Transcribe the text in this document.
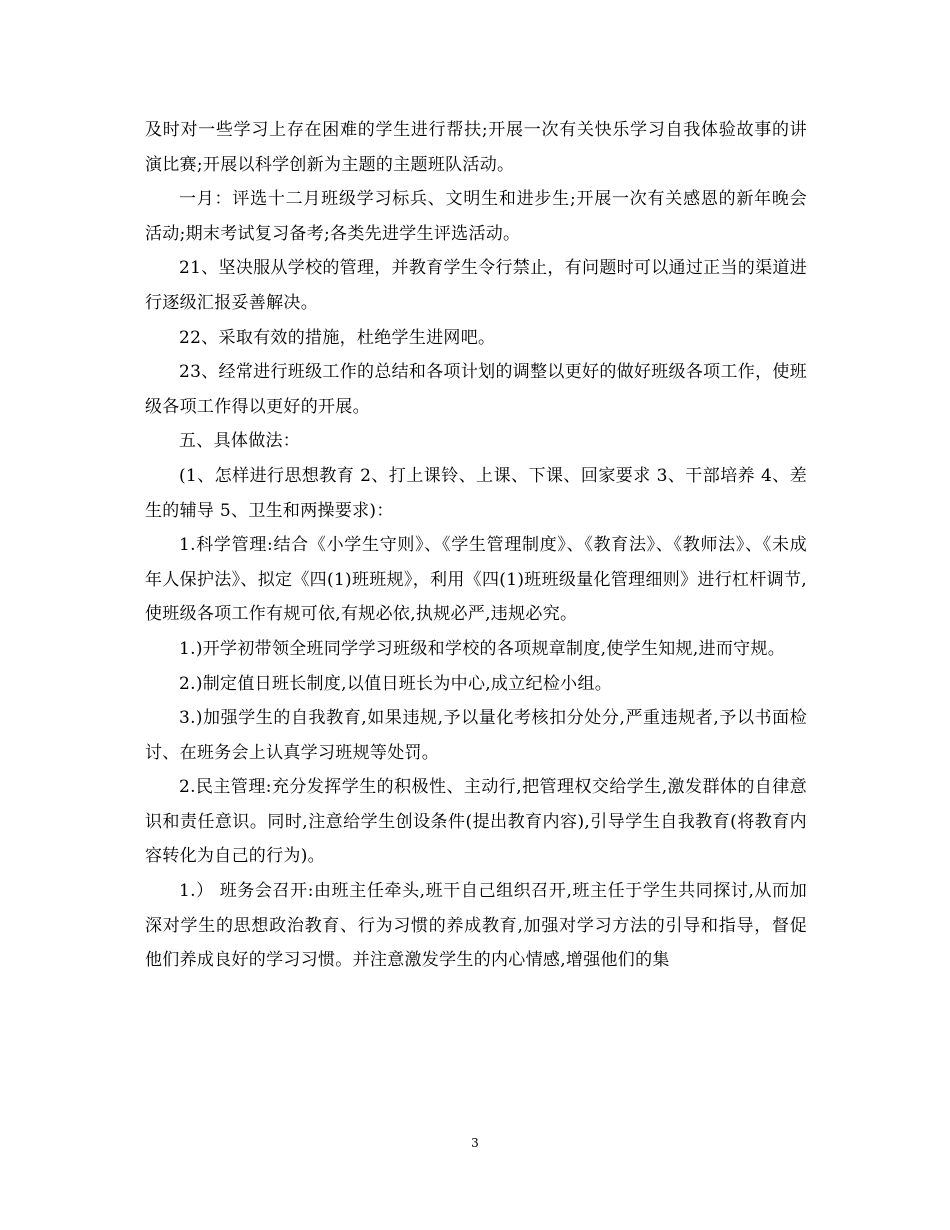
及时对一些学习上存在困难的学生进行帮扶;开展一次有关快乐学习自我体验故事的讲演比赛;开展以科学创新为主题的主题班队活动。

一月：评选十二月班级学习标兵、文明生和进步生;开展一次有关感恩的新年晚会活动;期末考试复习备考;各类先进学生评选活动。

21、坚决服从学校的管理，并教育学生令行禁止，有问题时可以通过正当的渠道进行逐级汇报妥善解决。

22、采取有效的措施，杜绝学生进网吧。

23、经常进行班级工作的总结和各项计划的调整以更好的做好班级各项工作，使班级各项工作得以更好的开展。

五、具体做法：

(1、怎样进行思想教育 2、打上课铃、上课、下课、回家要求 3、干部培养 4、差生的辅导 5、卫生和两操要求)：

1.科学管理:结合《小学生守则》、《学生管理制度》、《教育法》、《教师法》、《未成年人保护法》、拟定《四(1)班班规》，利用《四(1)班班级量化管理细则》进行杠杆调节,使班级各项工作有规可依,有规必依,执规必严,违规必究。

1.)开学初带领全班同学学习班级和学校的各项规章制度,使学生知规,进而守规。

2.)制定值日班长制度,以值日班长为中心,成立纪检小组。

3.)加强学生的自我教育,如果违规,予以量化考核扣分处分,严重违规者,予以书面检讨、在班务会上认真学习班规等处罚。

2.民主管理:充分发挥学生的积极性、主动行,把管理权交给学生,激发群体的自律意识和责任意识。同时,注意给学生创设条件(提出教育内容),引导学生自我教育(将教育内容转化为自己的行为)。

1.） 班务会召开:由班主任牵头,班干自己组织召开,班主任于学生共同探讨,从而加深对学生的思想政治教育、行为习惯的养成教育,加强对学习方法的引导和指导，督促他们养成良好的学习习惯。并注意激发学生的内心情感,增强他们的集

3
